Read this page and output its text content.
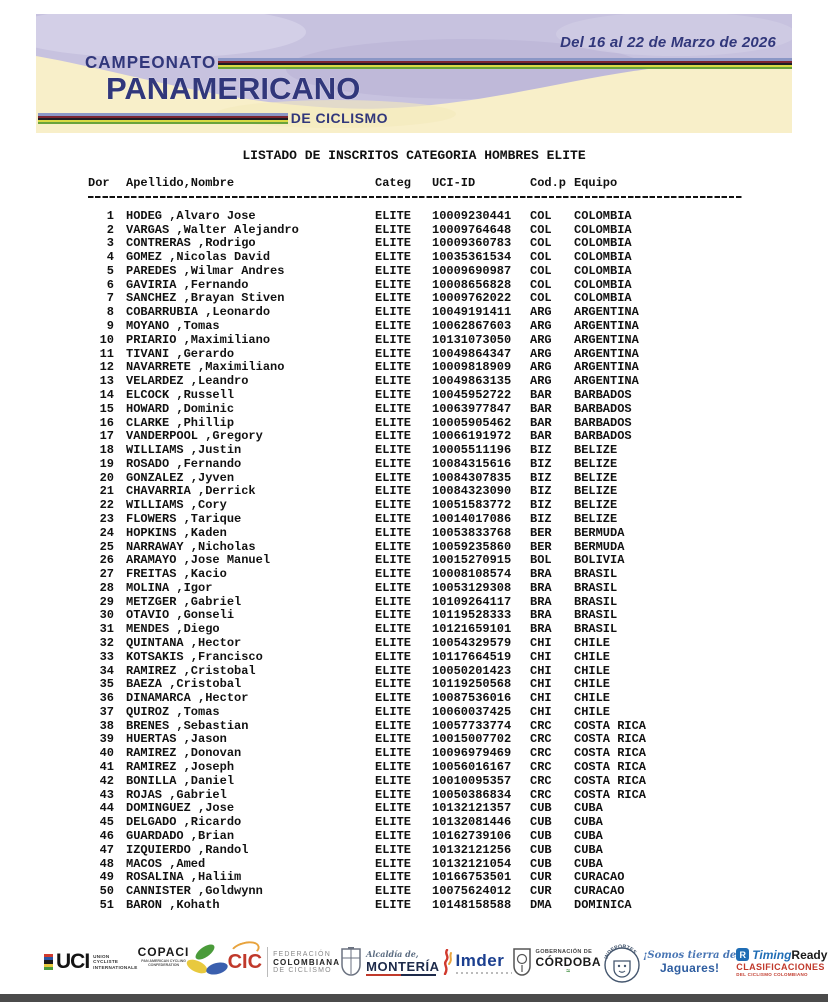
Del 16 al 22 de Marzo de 2026
CAMPEONATO
PANAMERICANO
DE CICLISMO
LISTADO DE INSCRITOS CATEGORIA HOMBRES ELITE
Dor	Apellido,Nombre	Categ	UCI-ID	Cod.p Equipo
1	HODEG ,Alvaro Jose	ELITE	10009230441	COL	COLOMBIA
2	VARGAS ,Walter Alejandro	ELITE	10009764648	COL	COLOMBIA
3	CONTRERAS ,Rodrigo	ELITE	10009360783	COL	COLOMBIA
4	GOMEZ ,Nicolas David	ELITE	10035361534	COL	COLOMBIA
5	PAREDES ,Wilmar Andres	ELITE	10009690987	COL	COLOMBIA
6	GAVIRIA ,Fernando	ELITE	10008656828	COL	COLOMBIA
7	SANCHEZ ,Brayan Stiven	ELITE	10009762022	COL	COLOMBIA
8	COBARRUBIA ,Leonardo	ELITE	10049191411	ARG	ARGENTINA
9	MOYANO ,Tomas	ELITE	10062867603	ARG	ARGENTINA
10	PRIARIO ,Maximiliano	ELITE	10131073050	ARG	ARGENTINA
11	TIVANI ,Gerardo	ELITE	10049864347	ARG	ARGENTINA
12	NAVARRETE ,Maximiliano	ELITE	10009818909	ARG	ARGENTINA
13	VELARDEZ ,Leandro	ELITE	10049863135	ARG	ARGENTINA
14	ELCOCK ,Russell	ELITE	10045952722	BAR	BARBADOS
15	HOWARD ,Dominic	ELITE	10063977847	BAR	BARBADOS
16	CLARKE ,Phillip	ELITE	10005905462	BAR	BARBADOS
17	VANDERPOOL ,Gregory	ELITE	10066191972	BAR	BARBADOS
18	WILLIAMS ,Justin	ELITE	10005511196	BIZ	BELIZE
19	ROSADO ,Fernando	ELITE	10084315616	BIZ	BELIZE
20	GONZALEZ ,Jyven	ELITE	10084307835	BIZ	BELIZE
21	CHAVARRIA ,Derrick	ELITE	10084323090	BIZ	BELIZE
22	WILLIAMS ,Cory	ELITE	10051583772	BIZ	BELIZE
23	FLOWERS ,Tarique	ELITE	10014017086	BIZ	BELIZE
24	HOPKINS ,Kaden	ELITE	10053833768	BER	BERMUDA
25	NARRAWAY ,Nicholas	ELITE	10059235860	BER	BERMUDA
26	ARAMAYO ,Jose Manuel	ELITE	10015270915	BOL	BOLIVIA
27	FREITAS ,Kacio	ELITE	10008108574	BRA	BRASIL
28	MOLINA ,Igor	ELITE	10053129308	BRA	BRASIL
29	METZGER ,Gabriel	ELITE	10109264117	BRA	BRASIL
30	OTAVIO ,Gonseli	ELITE	10119528333	BRA	BRASIL
31	MENDES ,Diego	ELITE	10121659101	BRA	BRASIL
32	QUINTANA ,Hector	ELITE	10054329579	CHI	CHILE
33	KOTSAKIS ,Francisco	ELITE	10117664519	CHI	CHILE
34	RAMIREZ ,Cristobal	ELITE	10050201423	CHI	CHILE
35	BAEZA ,Cristobal	ELITE	10119250568	CHI	CHILE
36	DINAMARCA ,Hector	ELITE	10087536016	CHI	CHILE
37	QUIROZ ,Tomas	ELITE	10060037425	CHI	CHILE
38	BRENES ,Sebastian	ELITE	10057733774	CRC	COSTA RICA
39	HUERTAS ,Jason	ELITE	10015007702	CRC	COSTA RICA
40	RAMIREZ ,Donovan	ELITE	10096979469	CRC	COSTA RICA
41	RAMIREZ ,Joseph	ELITE	10056016167	CRC	COSTA RICA
42	BONILLA ,Daniel	ELITE	10010095357	CRC	COSTA RICA
43	ROJAS ,Gabriel	ELITE	10050386834	CRC	COSTA RICA
44	DOMINGUEZ ,Jose	ELITE	10132121357	CUB	CUBA
45	DELGADO ,Ricardo	ELITE	10132081446	CUB	CUBA
46	GUARDADO ,Brian	ELITE	10162739106	CUB	CUBA
47	IZQUIERDO ,Randol	ELITE	10132121256	CUB	CUBA
48	MACOS ,Amed	ELITE	10132121054	CUB	CUBA
49	ROSALINA ,Haliim	ELITE	10166753501	CUR	CURACAO
50	CANNISTER ,Goldwynn	ELITE	10075624012	CUR	CURACAO
51	BARON ,Kohath	ELITE	10148158588	DMA	DOMINICA
UCI UNION
CYCLISTE
INTERNATIONALE
COPACI
PAN AMERICAN CYCLING CONFEDERATION	CIC FEDERACIÓN
COLOMBIANA
DE CICLISMO
Alcaldía de,
MONTERÍA Imder	GOBERNACIÓN DE
CÓRDOBA
≈
INDEPORTES ¡Somos tierra de
Jaguares!
R Timing Ready
CLASIFICACIONES
DEL CICLISMO COLOMBIANO
